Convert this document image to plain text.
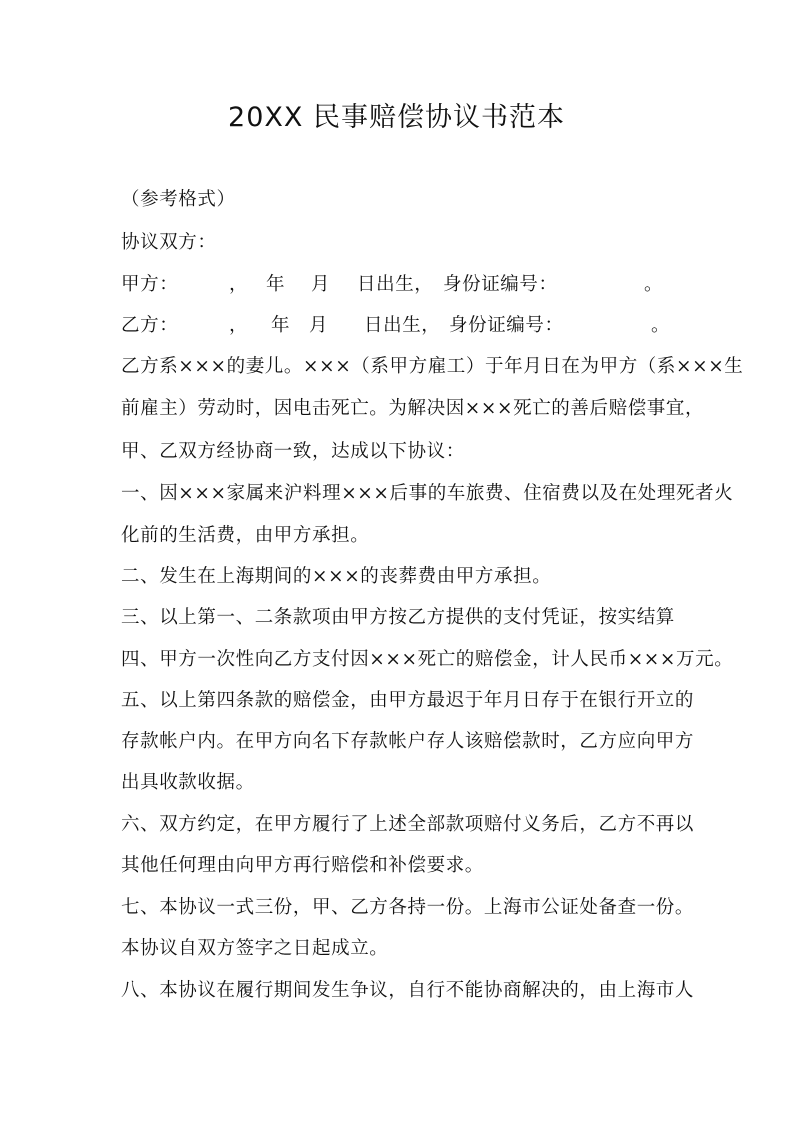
20XX 民事赔偿协议书范本
（参考格式）
协议双方：
甲方：	， 年 月 日出生， 身份证编号：	。
乙方：	， 年 月 日出生， 身份证编号：	。
乙方系×××的妻儿。×××（系甲方雇工）于年月日在为甲方（系×××生
前雇主）劳动时，因电击死亡。为解决因×××死亡的善后赔偿事宜，
甲、乙双方经协商一致，达成以下协议：
一、因×××家属来沪料理×××后事的车旅费、住宿费以及在处理死者火
化前的生活费，由甲方承担。
二、发生在上海期间的×××的丧葬费由甲方承担。
三、以上第一、二条款项由甲方按乙方提供的支付凭证，按实结算
四、甲方一次性向乙方支付因×××死亡的赔偿金，计人民币×××万元。
五、以上第四条款的赔偿金，由甲方最迟于年月日存于在银行开立的
存款帐户内。在甲方向名下存款帐户存人该赔偿款时，乙方应向甲方
出具收款收据。
六、双方约定，在甲方履行了上述全部款项赔付义务后，乙方不再以
其他任何理由向甲方再行赔偿和补偿要求。
七、本协议一式三份，甲、乙方各持一份。上海市公证处备查一份。
本协议自双方签字之日起成立。
八、本协议在履行期间发生争议，自行不能协商解决的，由上海市人
